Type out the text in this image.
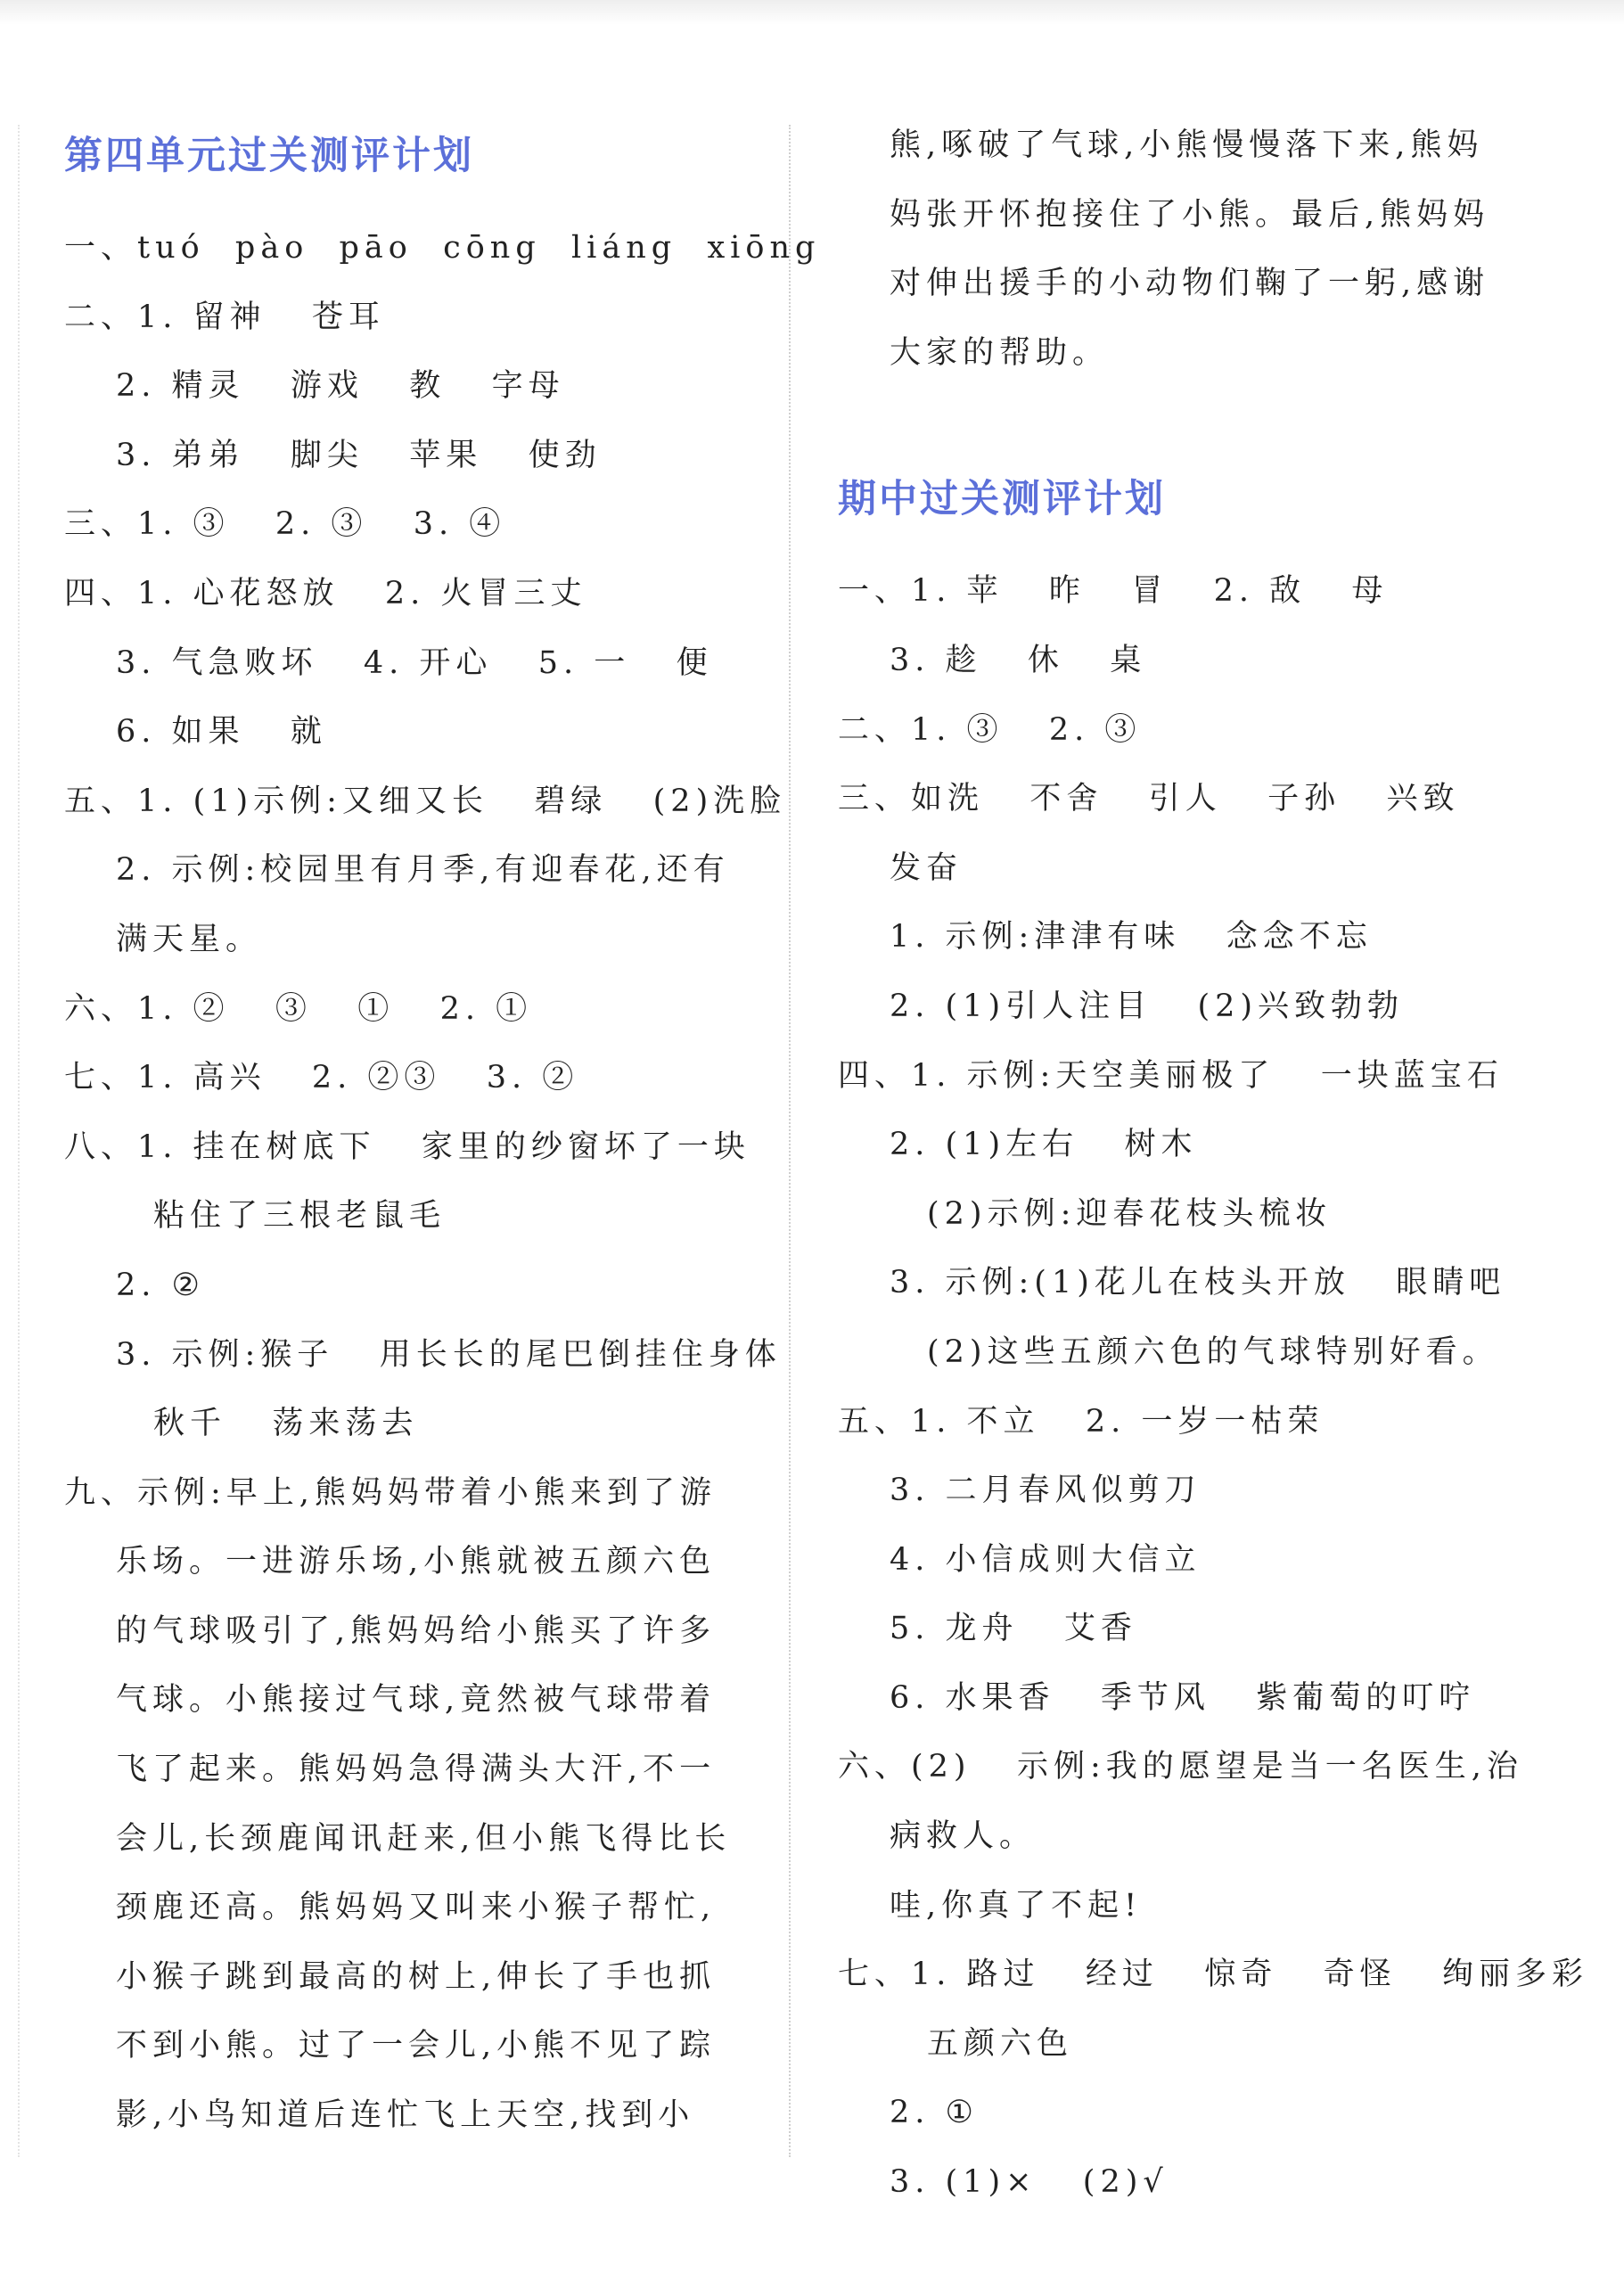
第四单元过关测评计划
一、tuó  pào  pāo  cōng  liáng  xiōng
二、1. 留神   苍耳
2. 精灵   游戏   教   字母
3. 弟弟   脚尖   苹果   使劲
三、1. ③   2. ③   3. ④
四、1. 心花怒放   2. 火冒三丈
3. 气急败坏   4. 开心   5. 一   便
6. 如果   就
五、1. (1)示例:又细又长   碧绿   (2)洗脸
2. 示例:校园里有月季,有迎春花,还有
满天星。
六、1. ②   ③   ①   2. ①
七、1. 高兴   2. ②③   3. ②
八、1. 挂在树底下   家里的纱窗坏了一块
粘住了三根老鼠毛
2. ②
3. 示例:猴子   用长长的尾巴倒挂住身体
秋千   荡来荡去
九、示例:早上,熊妈妈带着小熊来到了游
乐场。一进游乐场,小熊就被五颜六色
的气球吸引了,熊妈妈给小熊买了许多
气球。小熊接过气球,竟然被气球带着
飞了起来。熊妈妈急得满头大汗,不一
会儿,长颈鹿闻讯赶来,但小熊飞得比长
颈鹿还高。熊妈妈又叫来小猴子帮忙,
小猴子跳到最高的树上,伸长了手也抓
不到小熊。过了一会儿,小熊不见了踪
影,小鸟知道后连忙飞上天空,找到小
熊,啄破了气球,小熊慢慢落下来,熊妈
妈张开怀抱接住了小熊。最后,熊妈妈
对伸出援手的小动物们鞠了一躬,感谢
大家的帮助。
期中过关测评计划
一、1. 苹   昨   冒   2. 敌   母
3. 趁   休   桌
二、1. ③   2. ③
三、如洗   不舍   引人   子孙   兴致
发奋
1. 示例:津津有味   念念不忘
2. (1)引人注目   (2)兴致勃勃
四、1. 示例:天空美丽极了   一块蓝宝石
2. (1)左右   树木
(2)示例:迎春花枝头梳妆
3. 示例:(1)花儿在枝头开放   眼睛吧
(2)这些五颜六色的气球特别好看。
五、1. 不立   2. 一岁一枯荣
3. 二月春风似剪刀
4. 小信成则大信立
5. 龙舟   艾香
6. 水果香   季节风   紫葡萄的叮咛
六、(2)   示例:我的愿望是当一名医生,治
病救人。
哇,你真了不起!
七、1. 路过   经过   惊奇   奇怪   绚丽多彩
五颜六色
2. ①
3. (1)×   (2)√
